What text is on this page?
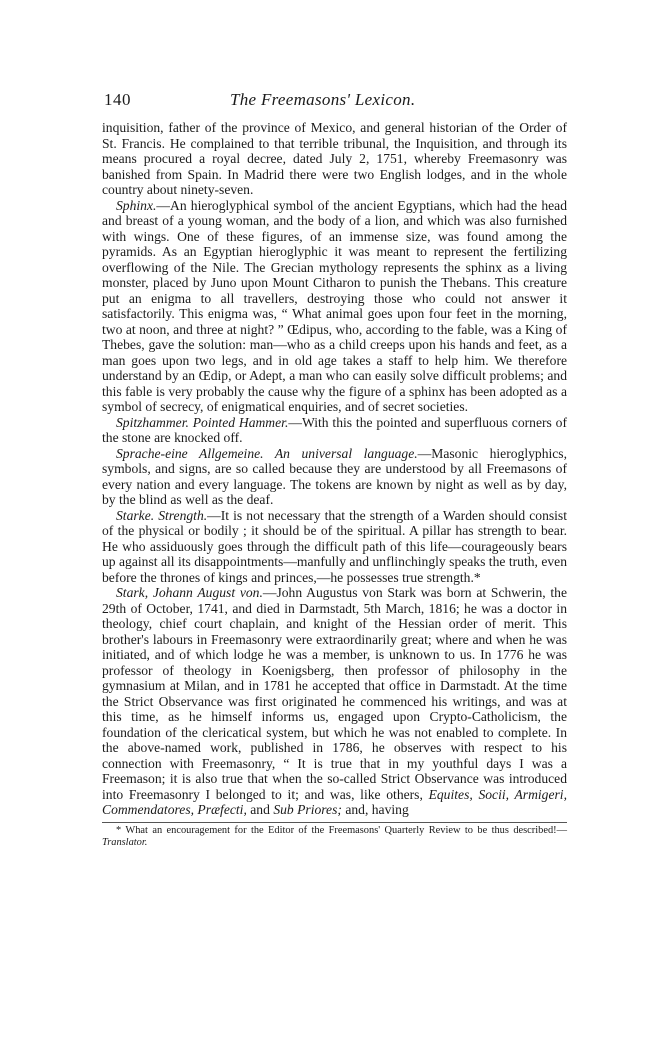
140	The Freemasons' Lexicon.

inquisition, father of the province of Mexico, and general historian of the Order of St. Francis. He complained to that terrible tribunal, the Inquisition, and through its means procured a royal decree, dated July 2, 1751, whereby Freemasonry was banished from Spain. In Madrid there were two English lodges, and in the whole country about ninety-seven.

Sphinx.—An hieroglyphical symbol of the ancient Egyptians, which had the head and breast of a young woman, and the body of a lion, and which was also furnished with wings. One of these figures, of an immense size, was found among the pyramids. As an Egyptian hieroglyphic it was meant to represent the fertilizing overflowing of the Nile. The Grecian mythology represents the sphinx as a living monster, placed by Juno upon Mount Citharon to punish the Thebans. This creature put an enigma to all travellers, destroying those who could not answer it satisfactorily. This enigma was, “ What animal goes upon four feet in the morning, two at noon, and three at night? ” Œdipus, who, according to the fable, was a King of Thebes, gave the solution: man—who as a child creeps upon his hands and feet, as a man goes upon two legs, and in old age takes a staff to help him. We therefore understand by an Œdip, or Adept, a man who can easily solve difficult problems; and this fable is very probably the cause why the figure of a sphinx has been adopted as a symbol of secrecy, of enigmatical enquiries, and of secret societies.

Spitzhammer. Pointed Hammer.—With this the pointed and superfluous corners of the stone are knocked off.

Sprache-eine Allgemeine. An universal language.—Masonic hieroglyphics, symbols, and signs, are so called because they are understood by all Freemasons of every nation and every language. The tokens are known by night as well as by day, by the blind as well as the deaf.

Starke. Strength.—It is not necessary that the strength of a Warden should consist of the physical or bodily ; it should be of the spiritual. A pillar has strength to bear. He who assiduously goes through the difficult path of this life—courageously bears up against all its disappointments—manfully and unflinchingly speaks the truth, even before the thrones of kings and princes,—he possesses true strength.*

Stark, Johann August von.—John Augustus von Stark was born at Schwerin, the 29th of October, 1741, and died in Darmstadt, 5th March, 1816; he was a doctor in theology, chief court chaplain, and knight of the Hessian order of merit. This brother's labours in Freemasonry were extraordinarily great; where and when he was initiated, and of which lodge he was a member, is unknown to us. In 1776 he was professor of theology in Koenigsberg, then professor of philosophy in the gymnasium at Milan, and in 1781 he accepted that office in Darmstadt. At the time the Strict Observance was first originated he commenced his writings, and was at this time, as he himself informs us, engaged upon Crypto-Catholicism, the foundation of the clericatical system, but which he was not enabled to complete. In the above-named work, published in 1786, he observes with respect to his connection with Freemasonry, “ It is true that in my youthful days I was a Freemason; it is also true that when the so-called Strict Observance was introduced into Freemasonry I belonged to it; and was, like others, Equites, Socii, Armigeri, Commendatores, Præfecti, and Sub Priores; and, having

* What an encouragement for the Editor of the Freemasons' Quarterly Review to be thus described!—Translator.
